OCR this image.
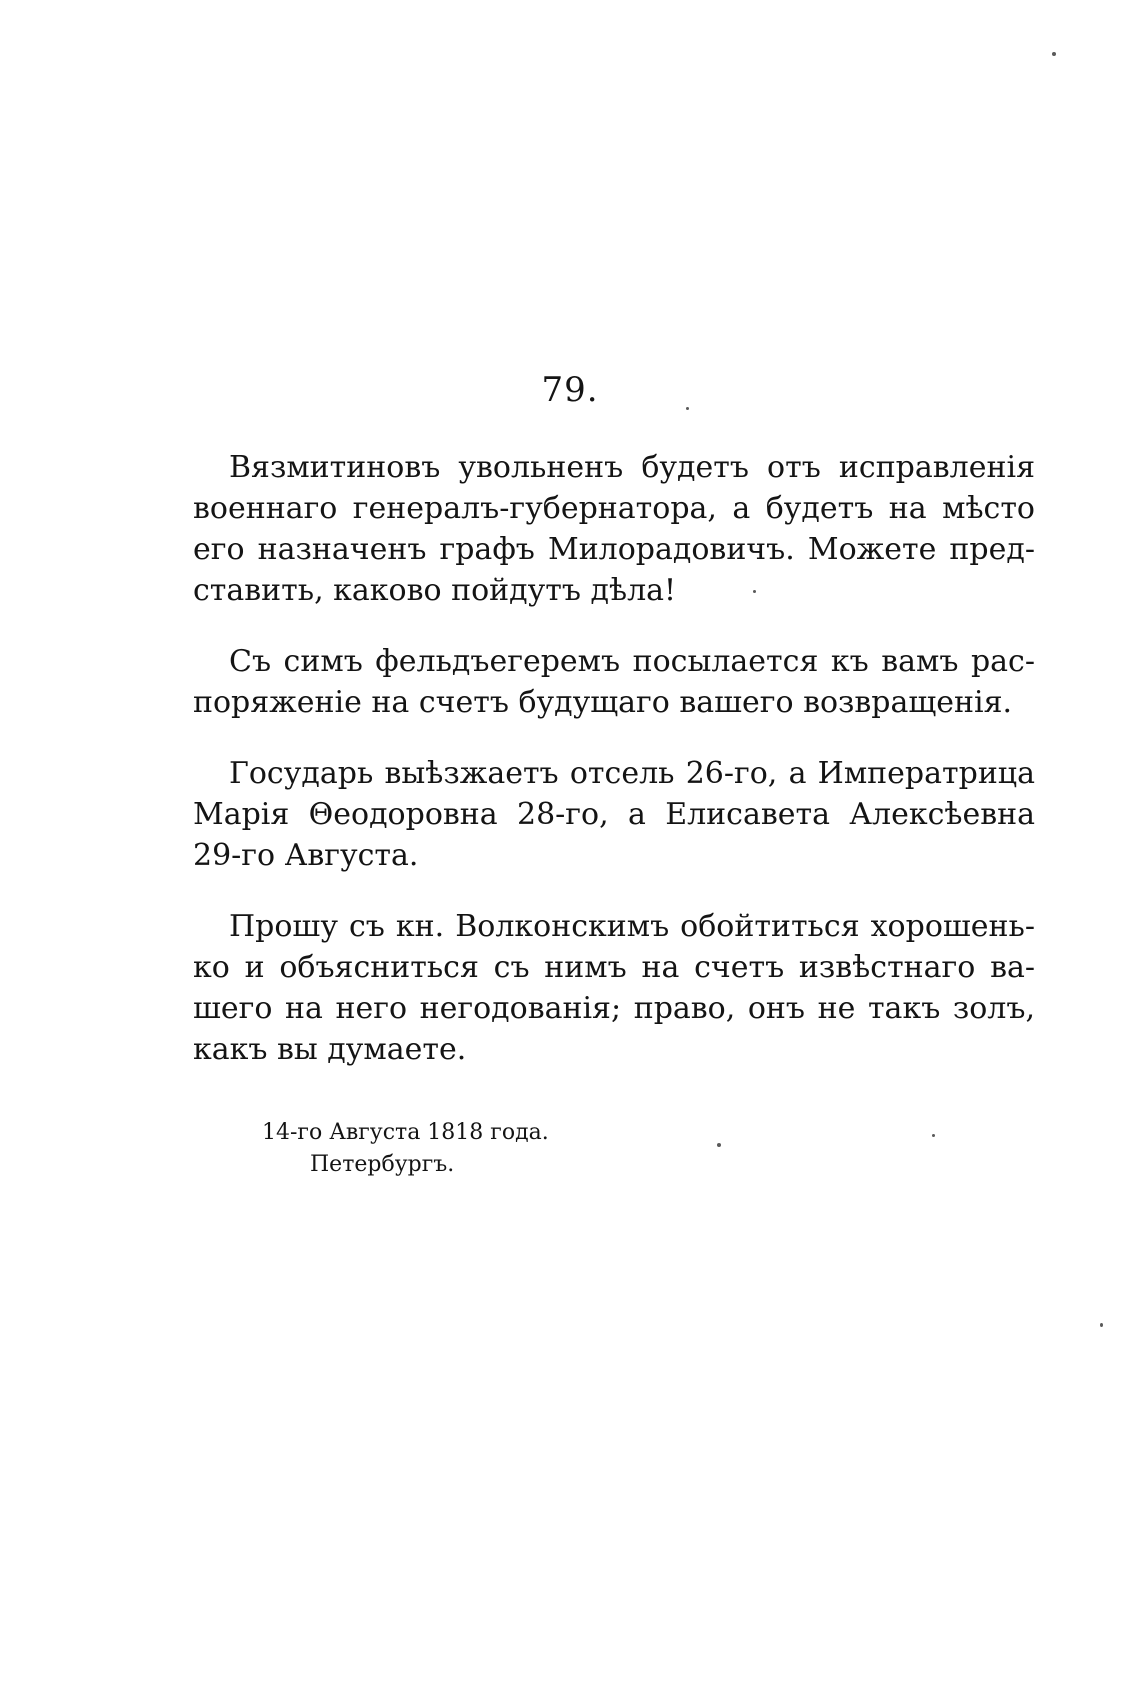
79.

Вязмитиновъ увольненъ будетъ отъ исправленія
военнаго генералъ-губернатора, а будетъ на мѣсто
его назначенъ графъ Милорадовичъ. Можете пред-
ставить, каково пойдутъ дѣла!

Съ симъ фельдъегеремъ посылается къ вамъ рас-
поряженіе на счетъ будущаго вашего возвращенія.

Государь выѣзжаетъ отсель 26-го, а Императрица
Марія Θеодоровна 28-го, а Елисавета Алексѣевна
29-го Августа.

Прошу съ кн. Волконскимъ обойтиться хорошень-
ко и объясниться съ нимъ на счетъ извѣстнаго ва-
шего на него негодованія; право, онъ не такъ золъ,
какъ вы думаете.

14-го Августа 1818 года.
Петербургъ.
